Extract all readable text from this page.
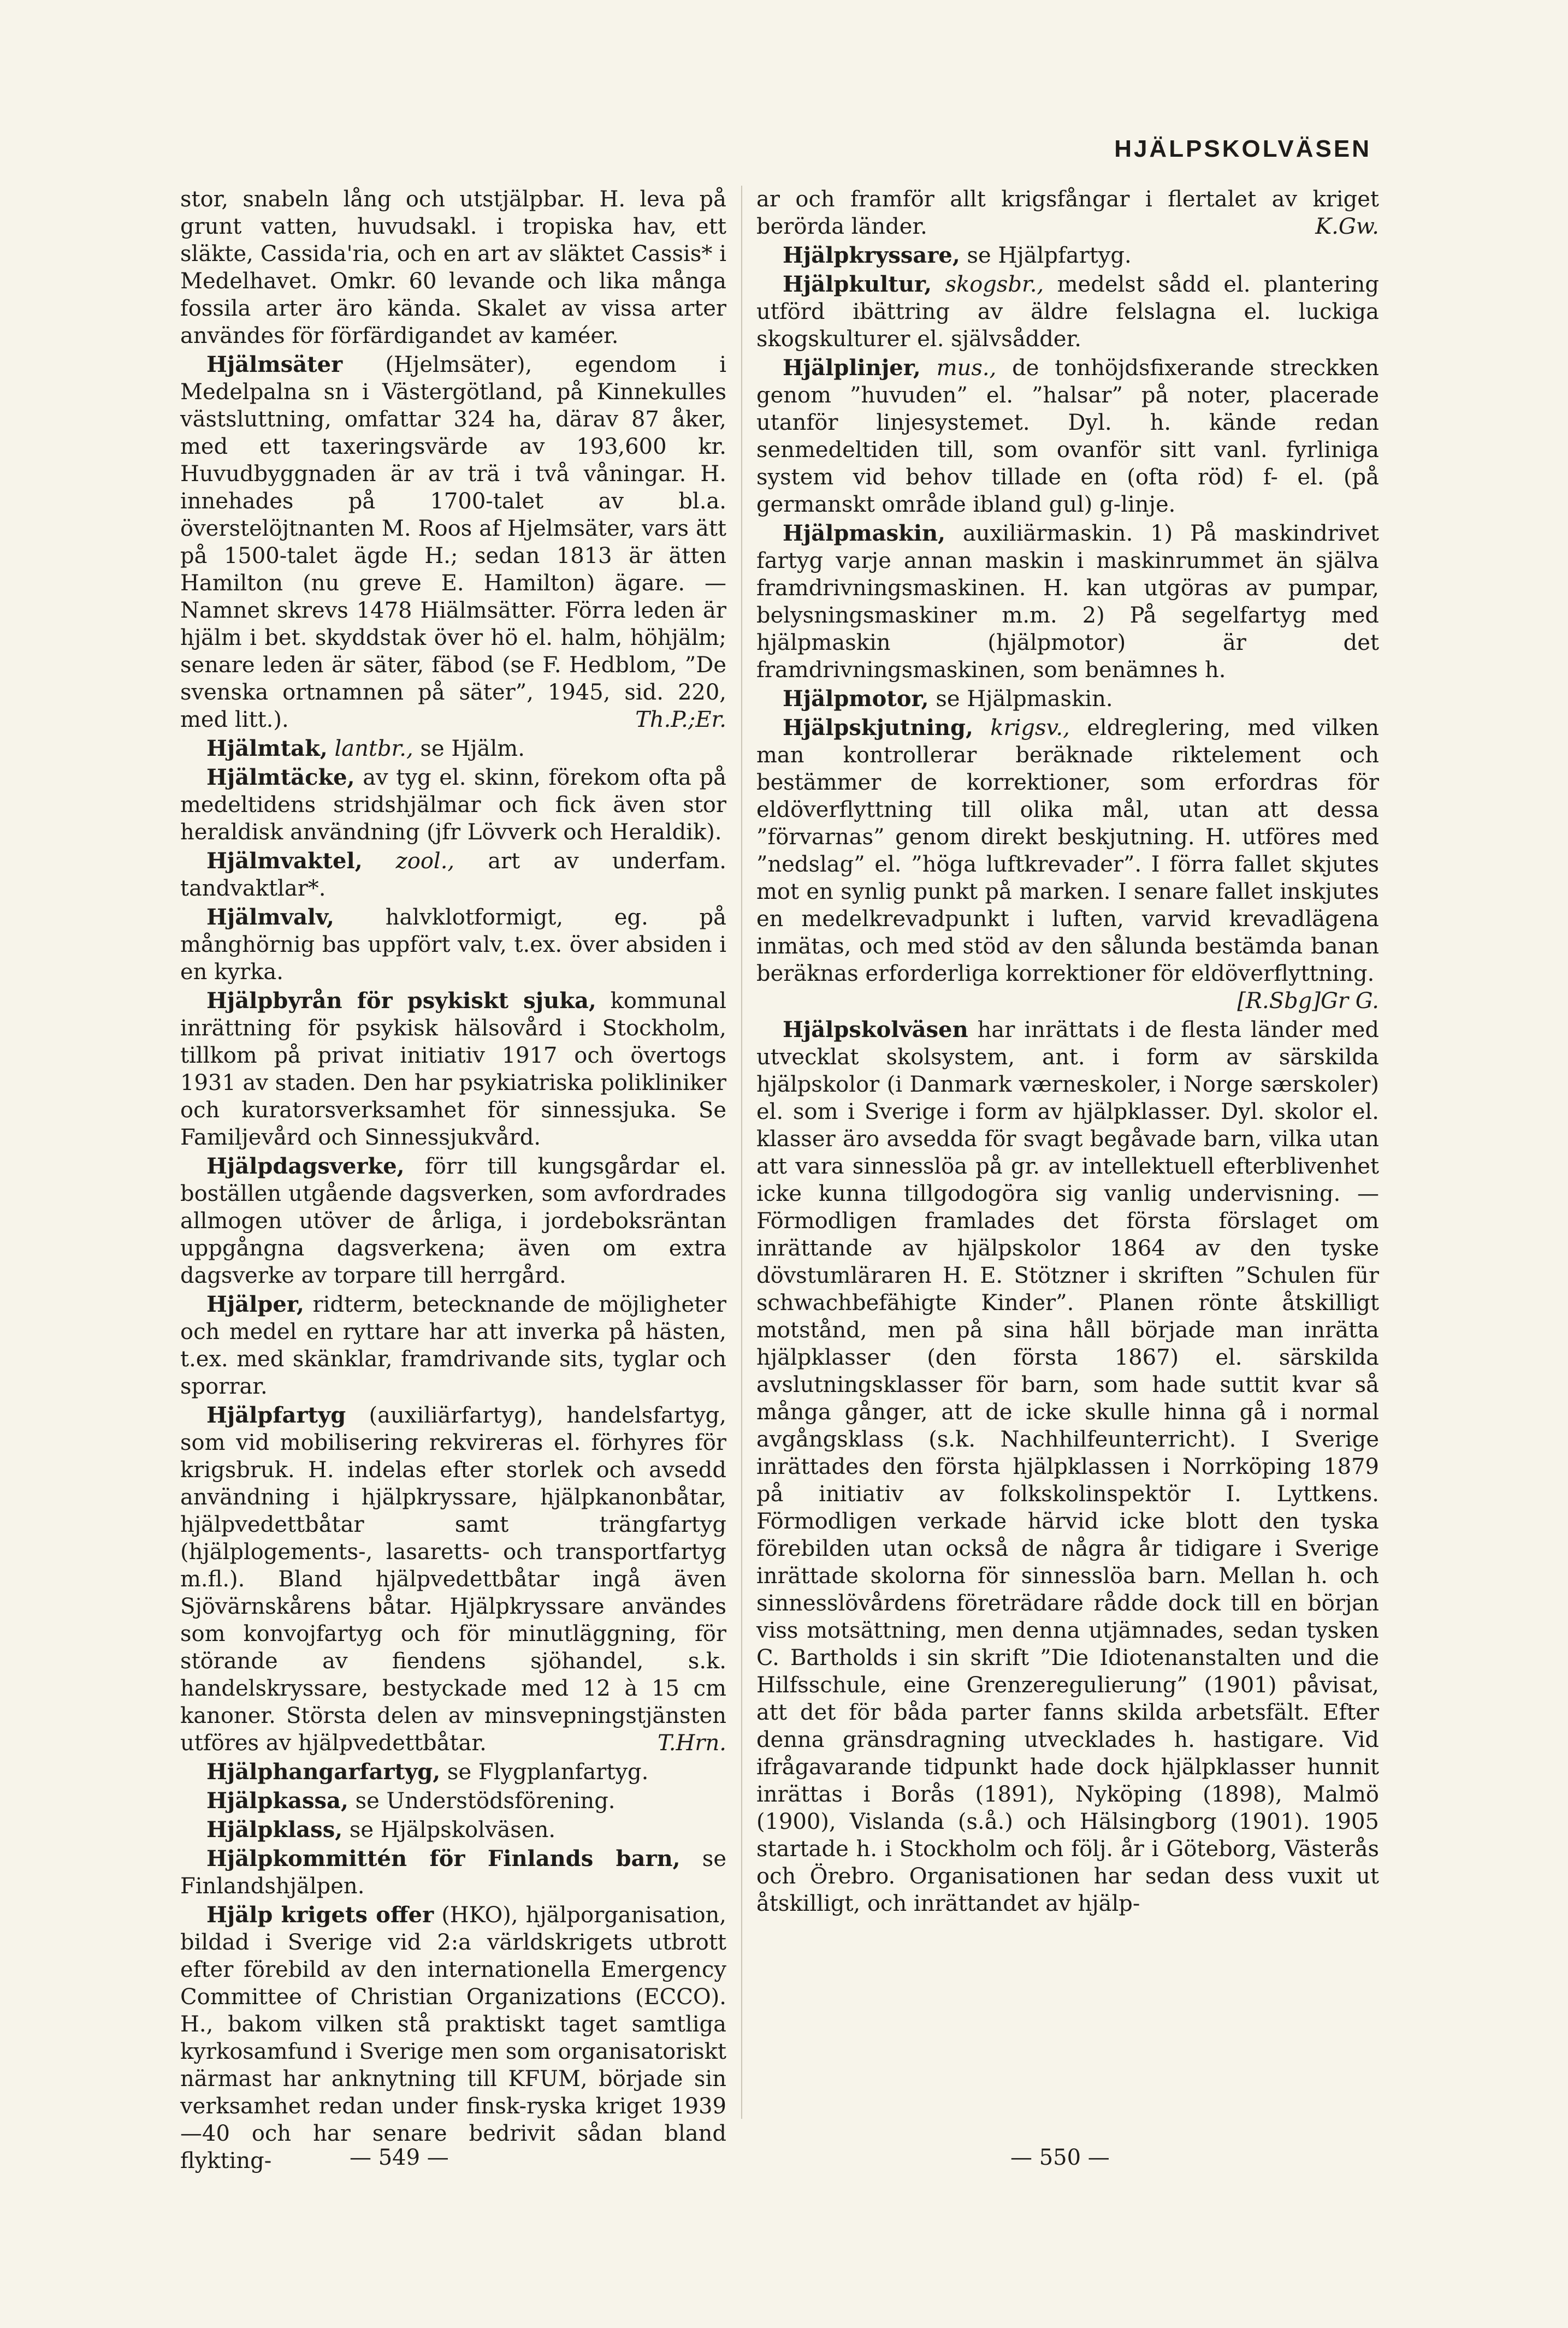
HJÄLPSKOLVÄSEN

stor, snabeln lång och utstjälpbar. H. leva på grunt vatten, huvudsakl. i tropiska hav, ett släkte, Cassida'ria, och en art av släktet Cassis* i Medelhavet. Omkr. 60 levande och lika många fossila arter äro kända. Skalet av vissa arter användes för förfärdigandet av kaméer.

Hjälmsäter (Hjelmsäter), egendom i Medelpalna sn i Västergötland, på Kinnekulles västsluttning, omfattar 324 ha, därav 87 åker, med ett taxeringsvärde av 193,600 kr. Huvudbyggnaden är av trä i två våningar. H. innehades på 1700-talet av bl.a. överstelöjtnanten M. Roos af Hjelmsäter, vars ätt på 1500-talet ägde H.; sedan 1813 är ätten Hamilton (nu greve E. Hamilton) ägare. — Namnet skrevs 1478 Hiälmsätter. Förra leden är hjälm i bet. skyddstak över hö el. halm, höhjälm; senare leden är säter, fäbod (se F. Hedblom, ”De svenska ortnamnen på säter”, 1945, sid. 220, med litt.).	Th.P.;Er.

Hjälmtak, lantbr., se Hjälm.

Hjälmtäcke, av tyg el. skinn, förekom ofta på medeltidens stridshjälmar och fick även stor heraldisk användning (jfr Lövverk och Heraldik).

Hjälmvaktel, zool., art av underfam. tandvaktlar*.

Hjälmvalv, halvklotformigt, eg. på månghörnig bas uppfört valv, t.ex. över absiden i en kyrka.

Hjälpbyrån för psykiskt sjuka, kommunal inrättning för psykisk hälsovård i Stockholm, tillkom på privat initiativ 1917 och övertogs 1931 av staden. Den har psykiatriska polikliniker och kuratorsverksamhet för sinnessjuka. Se Familjevård och Sinnessjukvård.

Hjälpdagsverke, förr till kungsgårdar el. boställen utgående dagsverken, som avfordrades allmogen utöver de årliga, i jordeboksräntan uppgångna dagsverkena; även om extra dagsverke av torpare till herrgård.

Hjälper, ridterm, betecknande de möjligheter och medel en ryttare har att inverka på hästen, t.ex. med skänklar, framdrivande sits, tyglar och sporrar.

Hjälpfartyg (auxiliärfartyg), handelsfartyg, som vid mobilisering rekvireras el. förhyres för krigsbruk. H. indelas efter storlek och avsedd användning i hjälpkryssare, hjälpkanonbåtar, hjälpvedettbåtar samt trängfartyg (hjälplogements-, lasaretts- och transportfartyg m.fl.). Bland hjälpvedettbåtar ingå även Sjövärnskårens båtar. Hjälpkryssare användes som konvojfartyg och för minutläggning, för störande av fiendens sjöhandel, s.k. handelskryssare, bestyckade med 12 à 15 cm kanoner. Största delen av minsvepningstjänsten utföres av hjälpvedettbåtar.	T.Hrn.

Hjälphangarfartyg, se Flygplanfartyg.

Hjälpkassa, se Understödsförening.

Hjälpklass, se Hjälpskolväsen.

Hjälpkommittén för Finlands barn, se Finlandshjälpen.

Hjälp krigets offer (HKO), hjälporganisation, bildad i Sverige vid 2:a världskrigets utbrott efter förebild av den internationella Emergency Committee of Christian Organizations (ECCO). H., bakom vilken stå praktiskt taget samtliga kyrkosamfund i Sverige men som organisatoriskt närmast har anknytning till KFUM, började sin verksamhet redan under finsk-ryska kriget 1939—40 och har senare bedrivit sådan bland flykting-

ar och framför allt krigsfångar i flertalet av kriget berörda länder.	K.Gw.

Hjälpkryssare, se Hjälpfartyg.

Hjälpkultur, skogsbr., medelst sådd el. plantering utförd ibättring av äldre felslagna el. luckiga skogskulturer el. självsådder.

Hjälplinjer, mus., de tonhöjdsfixerande streckken genom ”huvuden” el. ”halsar” på noter, placerade utanför linjesystemet. Dyl. h. kände redan senmedeltiden till, som ovanför sitt vanl. fyrliniga system vid behov tillade en (ofta röd) f- el. (på germanskt område ibland gul) g-linje.

Hjälpmaskin, auxiliärmaskin. 1) På maskindrivet fartyg varje annan maskin i maskinrummet än själva framdrivningsmaskinen. H. kan utgöras av pumpar, belysningsmaskiner m.m. 2) På segelfartyg med hjälpmaskin (hjälpmotor) är det framdrivningsmaskinen, som benämnes h.

Hjälpmotor, se Hjälpmaskin.

Hjälpskjutning, krigsv., eldreglering, med vilken man kontrollerar beräknade riktelement och bestämmer de korrektioner, som erfordras för eldöverflyttning till olika mål, utan att dessa ”förvarnas” genom direkt beskjutning. H. utföres med ”nedslag” el. ”höga luftkrevader”. I förra fallet skjutes mot en synlig punkt på marken. I senare fallet inskjutes en medelkrevadpunkt i luften, varvid krevadlägena inmätas, och med stöd av den sålunda bestämda banan beräknas erforderliga korrektioner för eldöverflyttning.
[R.Sbg]Gr G.

Hjälpskolväsen har inrättats i de flesta länder med utvecklat skolsystem, ant. i form av särskilda hjälpskolor (i Danmark værneskoler, i Norge særskoler) el. som i Sverige i form av hjälpklasser. Dyl. skolor el. klasser äro avsedda för svagt begåvade barn, vilka utan att vara sinnesslöa på gr. av intellektuell efterblivenhet icke kunna tillgodogöra sig vanlig undervisning. — Förmodligen framlades det första förslaget om inrättande av hjälpskolor 1864 av den tyske dövstumläraren H. E. Stötzner i skriften ”Schulen für schwachbefähigte Kinder”. Planen rönte åtskilligt motstånd, men på sina håll började man inrätta hjälpklasser (den första 1867) el. särskilda avslutningsklasser för barn, som hade suttit kvar så många gånger, att de icke skulle hinna gå i normal avgångsklass (s.k. Nachhilfeunterricht). I Sverige inrättades den första hjälpklassen i Norrköping 1879 på initiativ av folkskolinspektör I. Lyttkens. Förmodligen verkade härvid icke blott den tyska förebilden utan också de några år tidigare i Sverige inrättade skolorna för sinnesslöa barn. Mellan h. och sinnesslövårdens företrädare rådde dock till en början viss motsättning, men denna utjämnades, sedan tysken C. Bartholds i sin skrift ”Die Idiotenanstalten und die Hilfsschule, eine Grenzeregulierung” (1901) påvisat, att det för båda parter fanns skilda arbetsfält. Efter denna gränsdragning utvecklades h. hastigare. Vid ifrågavarande tidpunkt hade dock hjälpklasser hunnit inrättas i Borås (1891), Nyköping (1898), Malmö (1900), Vislanda (s.å.) och Hälsingborg (1901). 1905 startade h. i Stockholm och följ. år i Göteborg, Västerås och Örebro. Organisationen har sedan dess vuxit ut åtskilligt, och inrättandet av hjälp-

— 549 —	— 550 —
